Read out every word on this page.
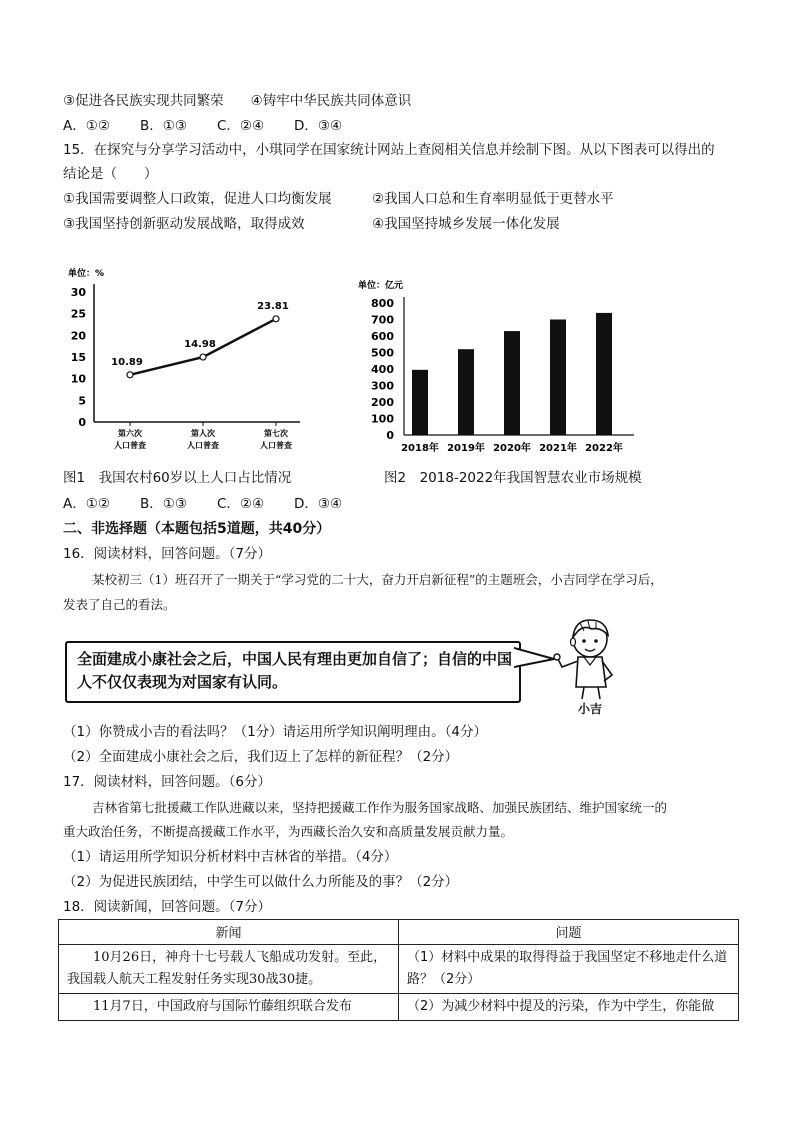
③促进各民族实现共同繁荣　　④铸牢中华民族共同体意识
A．①② B．①③ C．②④ D．③④
15．在探究与分享学习活动中，小琪同学在国家统计网站上查阅相关信息并绘制下图。从以下图表可以得出的
结论是（　　）
①我国需要调整人口政策，促进人口均衡发展	②我国人口总和生育率明显低于更替水平
③我国坚持创新驱动发展战略，取得成效	④我国坚持城乡发展一体化发展
单位：%
0
5
10
15
20
25
30
10.89
第六次
人口普查
14.98
第人次
人口普查
23.81
第七次
人口普查
单位：亿元
0
100
200
300
400
500
600
700
800
2018年 2019年 2020年 2021年 2022年
图1　我国农村60岁以上人口占比情况	图2　2018-2022年我国智慧农业市场规模
A．①② B．①③ C．②④ D．③④
二、非选择题（本题包括5道题，共40分）
16．阅读材料，回答问题。（7分）
某校初三（1）班召开了一期关于“学习党的二十大，奋力开启新征程”的主题班会，小吉同学在学习后，
发表了自己的看法。
全面建成小康社会之后，中国人民有理由更加自信了；自信的中国人不仅仅表现为对国家有认同。
小吉
（1）你赞成小吉的看法吗？（1分）请运用所学知识阐明理由。（4分）
（2）全面建成小康社会之后，我们迈上了怎样的新征程？（2分）
17．阅读材料，回答问题。（6分）
吉林省第七批援藏工作队进藏以来，坚持把援藏工作作为服务国家战略、加强民族团结、维护国家统一的
重大政治任务，不断提高援藏工作水平，为西藏长治久安和高质量发展贡献力量。
（1）请运用所学知识分析材料中吉林省的举措。（4分）
（2）为促进民族团结，中学生可以做什么力所能及的事？（2分）
18．阅读新闻，回答问题。（7分）
新闻	问题
10月26日，神舟十七号载人飞船成功发射。至此，我国载人航天工程发射任务实现30战30捷。	（1）材料中成果的取得得益于我国坚定不移地走什么道路？（2分）
11月7日，中国政府与国际竹藤组织联合发布	（2）为减少材料中提及的污染，作为中学生，你能做
